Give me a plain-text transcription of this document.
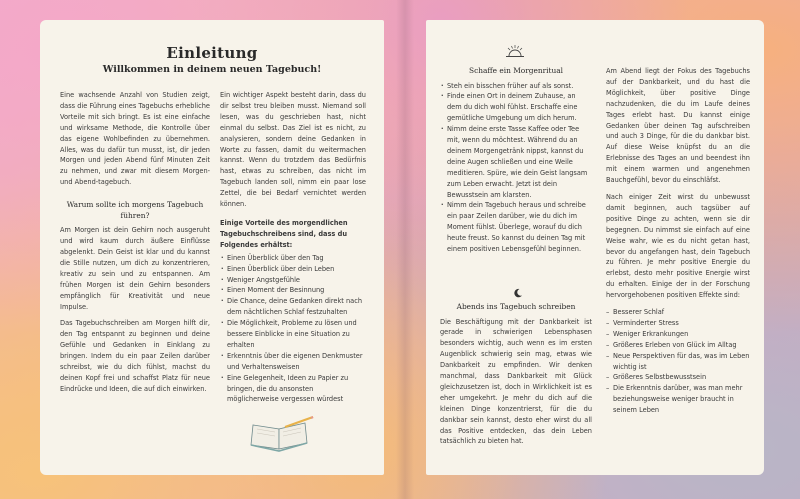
Einleitung
Willkommen in deinem neuen Tagebuch!

Eine wachsende Anzahl von Studien zeigt, dass die Führung eines Tagebuchs erhebliche Vorteile mit sich bringt. Es ist eine einfache und wirksame Methode, die Kontrolle über das eigene Wohlbefinden zu übernehmen. Alles, was du dafür tun musst, ist, dir jeden Morgen und jeden Abend fünf Minuten Zeit zu nehmen, und zwar mit diesem Morgen- und Abend-tagebuch.

Warum sollte ich morgens Tagebuch führen?

Am Morgen ist dein Gehirn noch ausgeruht und wird kaum durch äußere Einflüsse abgelenkt. Dein Geist ist klar und du kannst die Stille nutzen, um dich zu konzentrieren, kreativ zu sein und zu entspannen. Am frühen Morgen ist dein Gehirn besonders empfänglich für Kreativität und neue Impulse.

Das Tagebuchschreiben am Morgen hilft dir, den Tag entspannt zu beginnen und deine Gefühle und Gedanken in Einklang zu bringen. Indem du ein paar Zeilen darüber schreibst, wie du dich fühlst, machst du deinen Kopf frei und schaffst Platz für neue Eindrücke und Ideen, die auf dich einwirken.

Ein wichtiger Aspekt besteht darin, dass du dir selbst treu bleiben musst. Niemand soll lesen, was du geschrieben hast, nicht einmal du selbst. Das Ziel ist es nicht, zu analysieren, sondern deine Gedanken in Worte zu fassen, damit du weitermachen kannst. Wenn du trotzdem das Bedürfnis hast, etwas zu schreiben, das nicht im Tagebuch landen soll, nimm ein paar lose Zettel, die bei Bedarf vernichtet werden können.

Einige Vorteile des morgendlichen Tagebuchschreibens sind, dass du Folgendes erhältst:
· Einen Überblick über den Tag
· Einen Überblick über dein Leben
· Weniger Angstgefühle
· Einen Moment der Besinnung
· Die Chance, deine Gedanken direkt nach dem nächtlichen Schlaf festzuhalten
· Die Möglichkeit, Probleme zu lösen und bessere Einblicke in eine Situation zu erhalten
· Erkenntnis über die eigenen Denkmuster und Verhaltensweisen
· Eine Gelegenheit, Ideen zu Papier zu bringen, die du ansonsten möglicherweise vergessen würdest
Schaffe ein Morgenritual
· Steh ein bisschen früher auf als sonst.
· Finde einen Ort in deinem Zuhause, an dem du dich wohl fühlst. Erschaffe eine gemütliche Umgebung um dich herum.
· Nimm deine erste Tasse Kaffee oder Tee mit, wenn du möchtest. Während du an deinem Morgengetränk nippst, kannst du deine Augen schließen und eine Weile meditieren. Spüre, wie dein Geist langsam zum Leben erwacht. Jetzt ist dein Bewusstsein am klarsten.
· Nimm dein Tagebuch heraus und schreibe ein paar Zeilen darüber, wie du dich im Moment fühlst. Überlege, worauf du dich heute freust. So kannst du deinen Tag mit einem positiven Lebensgefühl beginnen.
Abends ins Tagebuch schreiben

Die Beschäftigung mit der Dankbarkeit ist gerade in schwierigen Lebensphasen besonders wichtig, auch wenn es im ersten Augenblick schwierig sein mag, etwas wie Dankbarkeit zu empfinden. Wir denken manchmal, dass Dankbarkeit mit Glück gleichzusetzen ist, doch in Wirklichkeit ist es eher umgekehrt. Je mehr du dich auf die kleinen Dinge konzentrierst, für die du dankbar sein kannst, desto eher wirst du all das Positive entdecken, das dein Leben tatsächlich zu bieten hat.

Am Abend liegt der Fokus des Tagebuchs auf der Dankbarkeit, und du hast die Möglichkeit, über positive Dinge nachzudenken, die du im Laufe deines Tages erlebt hast. Du kannst einige Gedanken über deinen Tag aufschreiben und auch 3 Dinge, für die du dankbar bist. Auf diese Weise knüpfst du an die Erlebnisse des Tages an und beendest ihn mit einem warmen und angenehmen Bauchgefühl, bevor du einschläfst.

Nach einiger Zeit wirst du unbewusst damit beginnen, auch tagsüber auf positive Dinge zu achten, wenn sie dir begegnen. Du nimmst sie einfach auf eine Weise wahr, wie es du nicht getan hast, bevor du angefangen hast, dein Tagebuch zu führen. Je mehr positive Energie du erlebst, desto mehr positive Energie wirst du erhalten. Einige der in der Forschung hervorgehobenen positiven Effekte sind:

– Besserer Schlaf
– Verminderter Stress
– Weniger Erkrankungen
– Größeres Erleben von Glück im Alltag
– Neue Perspektiven für das, was im Leben wichtig ist
– Größeres Selbstbewusstsein
– Die Erkenntnis darüber, was man mehr beziehungsweise weniger braucht in seinem Leben
